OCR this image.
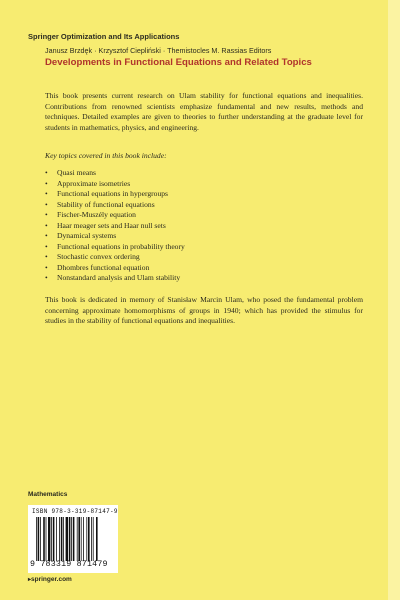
Springer Optimization and Its Applications
Janusz Brzdęk · Krzysztof Ciepliński · Themistocles M. Rassias Editors
Developments in Functional Equations and Related Topics

This book presents current research on Ulam stability for functional equations and inequalities. Contributions from renowned scientists emphasize fundamental and new results, methods and techniques. Detailed examples are given to theories to further understanding at the graduate level for students in mathematics, physics, and engineering.

Key topics covered in this book include:

• Quasi means
• Approximate isometries
• Functional equations in hypergroups
• Stability of functional equations
• Fischer-Muszély equation
• Haar meager sets and Haar null sets
• Dynamical systems
• Functional equations in probability theory
• Stochastic convex ordering
• Dhombres functional equation
• Nonstandard analysis and Ulam stability

This book is dedicated in memory of Stanisław Marcin Ulam, who posed the fundamental problem concerning approximate homomorphisms of groups in 1940; which has provided the stimulus for studies in the stability of functional equations and inequalities.

Mathematics
ISBN 978-3-319-87147-9
9 783319 871479
▸ springer.com
